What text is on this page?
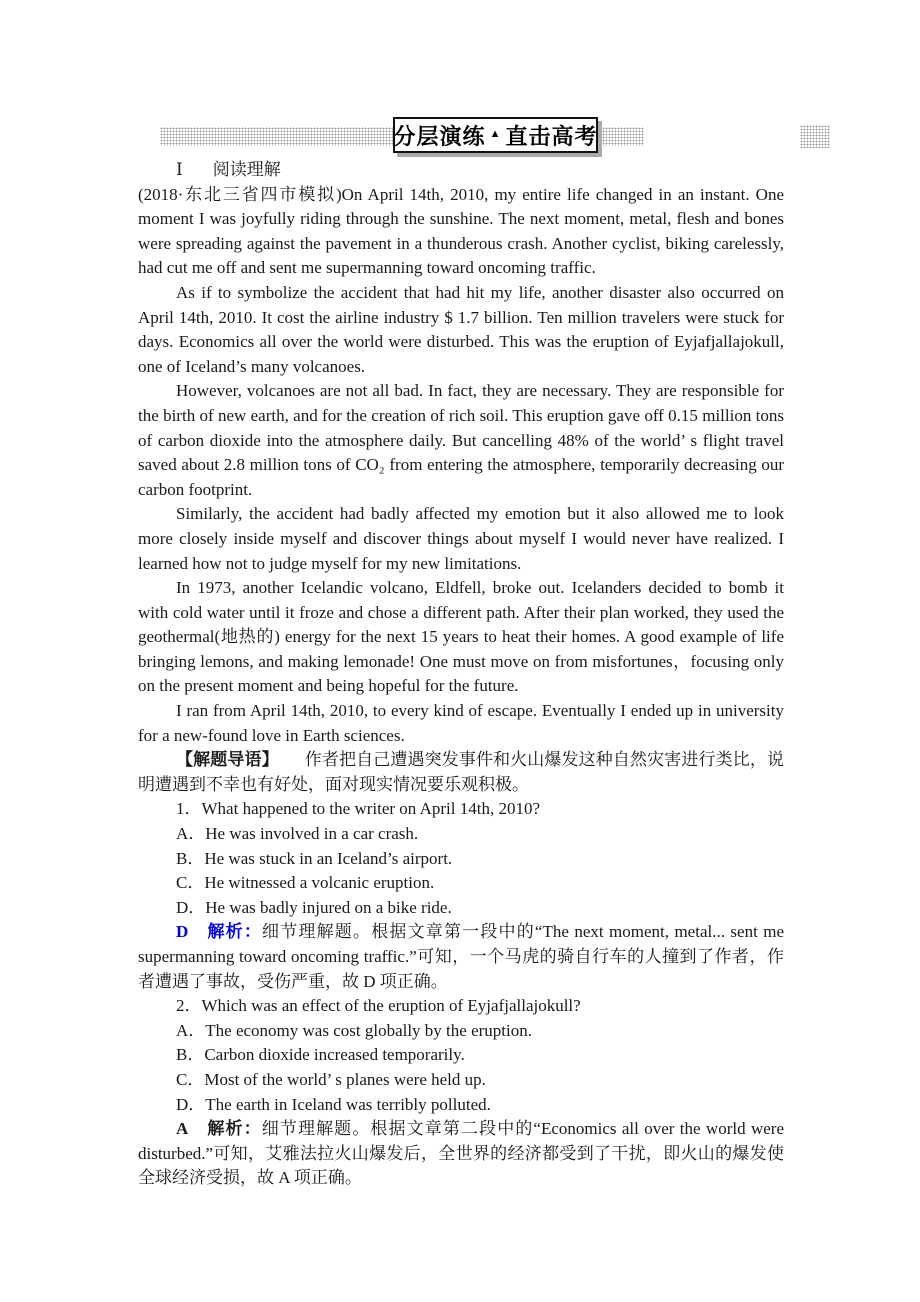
分层演练 ▲ 直击高考

Ⅰ 阅读理解

(2018·东北三省四市模拟)On April 14th, 2010, my entire life changed in an instant. One moment I was joyfully riding through the sunshine. The next moment, metal, flesh and bones were spreading against the pavement in a thunderous crash. Another cyclist, biking carelessly, had cut me off and sent me supermanning toward oncoming traffic.

As if to symbolize the accident that had hit my life, another disaster also occurred on April 14th, 2010. It cost the airline industry $ 1.7 billion. Ten million travelers were stuck for days. Economics all over the world were disturbed. This was the eruption of Eyjafjallajokull, one of Iceland’s many volcanoes.

However, volcanoes are not all bad. In fact, they are necessary. They are responsible for the birth of new earth, and for the creation of rich soil. This eruption gave off 0.15 million tons of carbon dioxide into the atmosphere daily. But cancelling 48% of the world’ s flight travel saved about 2.8 million tons of CO₂ from entering the atmosphere, temporarily decreasing our carbon footprint.

Similarly, the accident had badly affected my emotion but it also allowed me to look more closely inside myself and discover things about myself I would never have realized. I learned how not to judge myself for my new limitations.

In 1973, another Icelandic volcano, Eldfell, broke out. Icelanders decided to bomb it with cold water until it froze and chose a different path. After their plan worked, they used the geothermal(地热的) energy for the next 15 years to heat their homes. A good example of life bringing lemons, and making lemonade! One must move on from misfortunes，focusing only on the present moment and being hopeful for the future.

I ran from April 14th, 2010, to every kind of escape. Eventually I ended up in university for a new-found love in Earth sciences.

【解题导语】 作者把自己遭遇突发事件和火山爆发这种自然灾害进行类比，说明遭遇到不幸也有好处，面对现实情况要乐观积极。

1．What happened to the writer on April 14th, 2010?

A．He was involved in a car crash.

B．He was stuck in an Iceland’s airport.

C．He witnessed a volcanic eruption.

D．He was badly injured on a bike ride.

D 解析：细节理解题。根据文章第一段中的“The next moment, metal... sent me supermanning toward oncoming traffic.”可知，一个马虎的骑自行车的人撞到了作者，作者遭遇了事故，受伤严重，故 D 项正确。

2．Which was an effect of the eruption of Eyjafjallajokull?

A．The economy was cost globally by the eruption.

B．Carbon dioxide increased temporarily.

C．Most of the world’ s planes were held up.

D．The earth in Iceland was terribly polluted.

A 解析：细节理解题。根据文章第二段中的“Economics all over the world were disturbed.”可知，艾雅法拉火山爆发后，全世界的经济都受到了干扰，即火山的爆发使全球经济受损，故 A 项正确。
